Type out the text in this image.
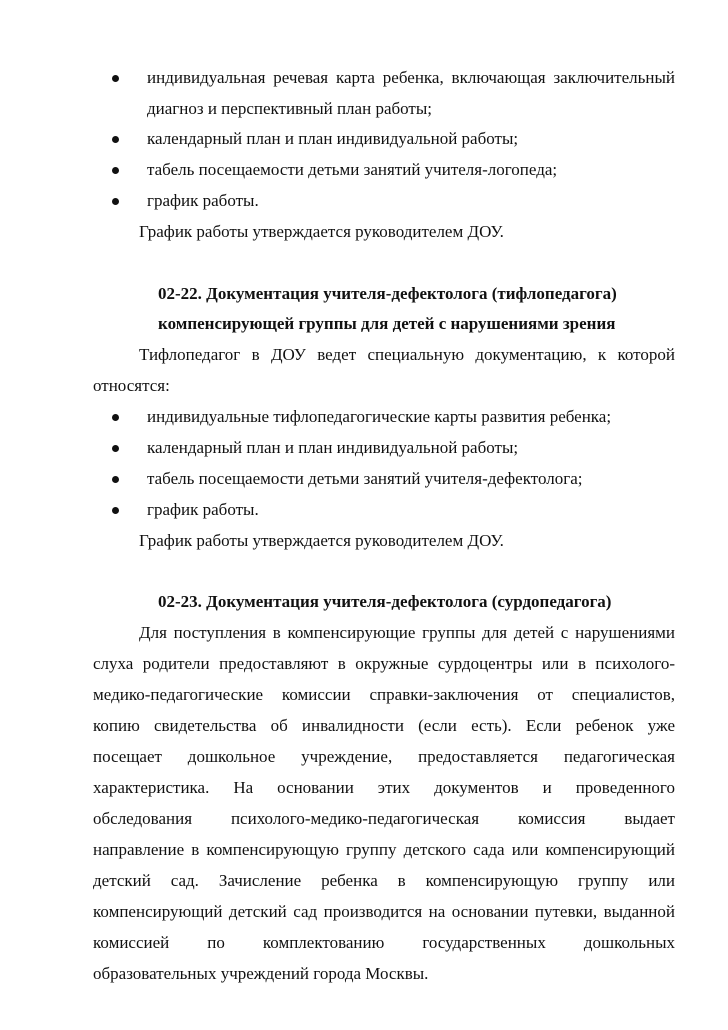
индивидуальная речевая карта ребенка, включающая заключительный
диагноз и перспективный план работы;
календарный план и план индивидуальной работы;
табель посещаемости детьми занятий учителя-логопеда;
график работы.
График работы утверждается руководителем ДОУ.
02-22. Документация учителя-дефектолога (тифлопедагога)
компенсирующей группы для детей с нарушениями зрения
Тифлопедагог в ДОУ ведет специальную документацию, к которой
относятся:
индивидуальные тифлопедагогические карты развития ребенка;
календарный план и план индивидуальной работы;
табель посещаемости детьми занятий учителя-дефектолога;
график работы.
График работы утверждается руководителем ДОУ.
02-23. Документация учителя-дефектолога (сурдопедагога)
Для поступления в компенсирующие группы для детей с нарушениями
слуха родители предоставляют в окружные сурдоцентры или в психолого-
медико-педагогические комиссии справки-заключения от специалистов,
копию свидетельства об инвалидности (если есть). Если ребенок уже
посещает дошкольное учреждение, предоставляется педагогическая
характеристика. На основании этих документов и проведенного
обследования психолого-медико-педагогическая комиссия выдает
направление в компенсирующую группу детского сада или компенсирующий
детский сад. Зачисление ребенка в компенсирующую группу или
компенсирующий детский сад производится на основании путевки, выданной
комиссией по комплектованию государственных дошкольных
образовательных учреждений города Москвы.
